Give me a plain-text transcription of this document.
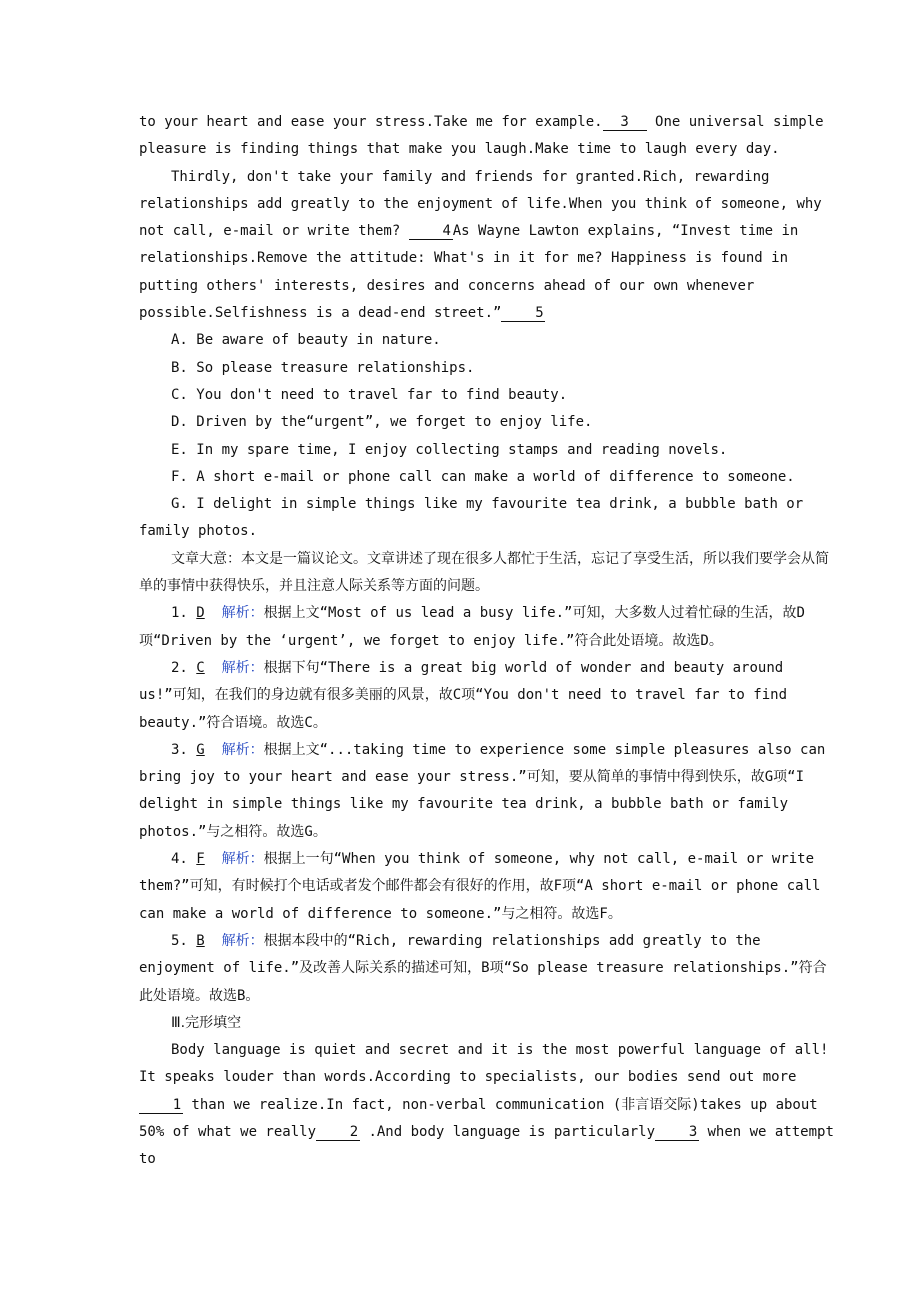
to your heart and ease your stress.Take me for example. 3 One universal simple pleasure is finding things that make you laugh.Make time to laugh every day.

Thirdly, don't take your family and friends for granted.Rich, rewarding relationships add greatly to the enjoyment of life.When you think of someone, why not call, e-mail or write them? 4 As Wayne Lawton explains, “Invest time in relationships.Remove the attitude: What's in it for me? Happiness is found in putting others' interests, desires and concerns ahead of our own whenever possible.Selfishness is a dead-end street.” 5

A. Be aware of beauty in nature.

B. So please treasure relationships.

C. You don't need to travel far to find beauty.

D. Driven by the“urgent”, we forget to enjoy life.

E. In my spare time, I enjoy collecting stamps and reading novels.

F. A short e-mail or phone call can make a world of difference to someone.

G. I delight in simple things like my favourite tea drink, a bubble bath or family photos.

文章大意：本文是一篇议论文。文章讲述了现在很多人都忙于生活，忘记了享受生活，所以我们要学会从简单的事情中获得快乐，并且注意人际关系等方面的问题。

1. D 解析：根据上文“Most of us lead a busy life.”可知，大多数人过着忙碌的生活，故D项“Driven by the ‘urgent’, we forget to enjoy life.”符合此处语境。故选D。

2. C 解析：根据下句“There is a great big world of wonder and beauty around us!”可知，在我们的身边就有很多美丽的风景，故C项“You don't need to travel far to find beauty.”符合语境。故选C。

3. G 解析：根据上文“...taking time to experience some simple pleasures also can bring joy to your heart and ease your stress.”可知，要从简单的事情中得到快乐，故G项“I delight in simple things like my favourite tea drink, a bubble bath or family photos.”与之相符。故选G。

4. F 解析：根据上一句“When you think of someone, why not call, e-mail or write them?”可知，有时候打个电话或者发个邮件都会有很好的作用，故F项“A short e-mail or phone call can make a world of difference to someone.”与之相符。故选F。

5. B 解析：根据本段中的“Rich, rewarding relationships add greatly to the enjoyment of life.”及改善人际关系的描述可知，B项“So please treasure relationships.”符合此处语境。故选B。

Ⅲ.完形填空

Body language is quiet and secret and it is the most powerful language of all! It speaks louder than words.According to specialists, our bodies send out more 1 than we realize.In fact, non-verbal communication (非言语交际)takes up about 50% of what we really 2 .And body language is particularly 3 when we attempt to
